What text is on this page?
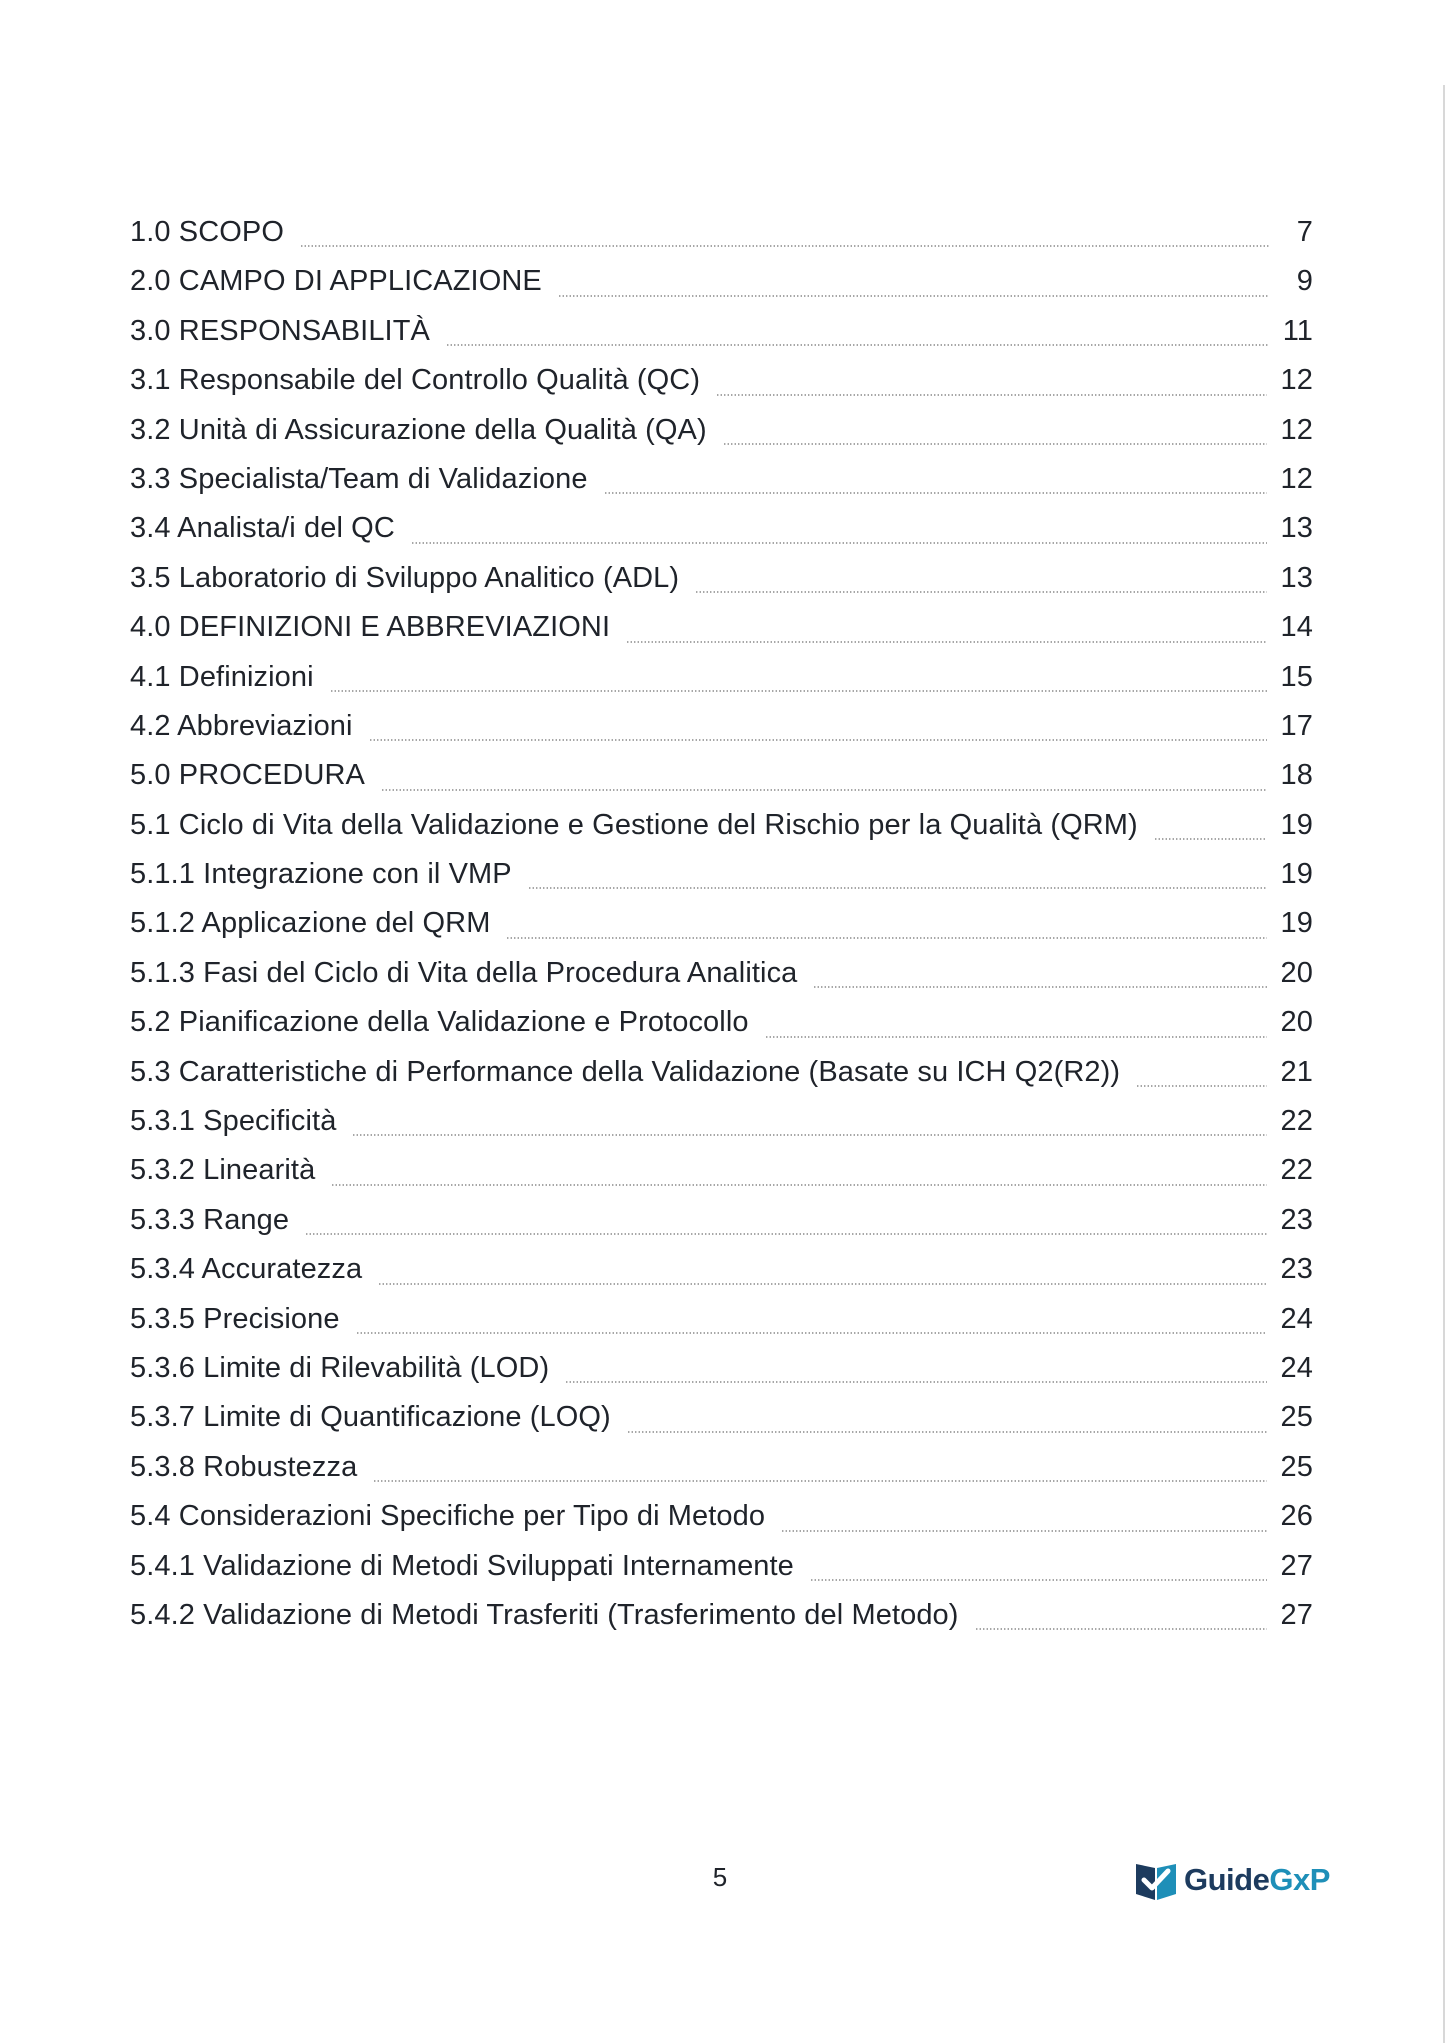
1.0 SCOPO	7
2.0 CAMPO DI APPLICAZIONE	9
3.0 RESPONSABILITÀ	11
3.1 Responsabile del Controllo Qualità (QC)	12
3.2 Unità di Assicurazione della Qualità (QA)	12
3.3 Specialista/Team di Validazione	12
3.4 Analista/i del QC	13
3.5 Laboratorio di Sviluppo Analitico (ADL)	13
4.0 DEFINIZIONI E ABBREVIAZIONI	14
4.1 Definizioni	15
4.2 Abbreviazioni	17
5.0 PROCEDURA	18
5.1 Ciclo di Vita della Validazione e Gestione del Rischio per la Qualità (QRM)	19
5.1.1 Integrazione con il VMP	19
5.1.2 Applicazione del QRM	19
5.1.3 Fasi del Ciclo di Vita della Procedura Analitica	20
5.2 Pianificazione della Validazione e Protocollo	20
5.3 Caratteristiche di Performance della Validazione (Basate su ICH Q2(R2))	21
5.3.1 Specificità	22
5.3.2 Linearità	22
5.3.3 Range	23
5.3.4 Accuratezza	23
5.3.5 Precisione	24
5.3.6 Limite di Rilevabilità (LOD)	24
5.3.7 Limite di Quantificazione (LOQ)	25
5.3.8 Robustezza	25
5.4 Considerazioni Specifiche per Tipo di Metodo	26
5.4.1 Validazione di Metodi Sviluppati Internamente	27
5.4.2 Validazione di Metodi Trasferiti (Trasferimento del Metodo)	27
5	GuideGxP
